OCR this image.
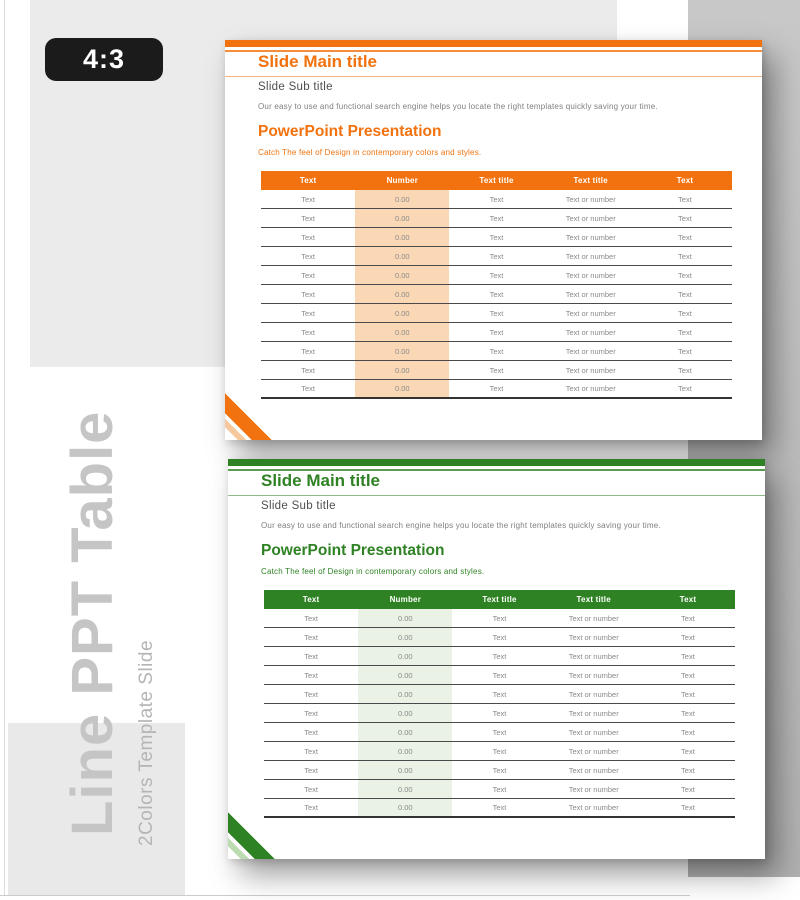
4:3
Line PPT Table 2Colors Template Slide
Slide Main title
Slide Sub title
Our easy to use and functional search engine helps you locate the right templates quickly saving your time.
PowerPoint Presentation
Catch The feel of Design in contemporary colors and styles.
Text	Number	Text title	Text title	Text
Text	0.00	Text	Text or number	Text
Text	0.00	Text	Text or number	Text
Text	0.00	Text	Text or number	Text
Text	0.00	Text	Text or number	Text
Text	0.00	Text	Text or number	Text
Text	0.00	Text	Text or number	Text
Text	0.00	Text	Text or number	Text
Text	0.00	Text	Text or number	Text
Text	0.00	Text	Text or number	Text
Text	0.00	Text	Text or number	Text
Text	0.00	Text	Text or number	Text
Slide Main title
Slide Sub title
Our easy to use and functional search engine helps you locate the right templates quickly saving your time.
PowerPoint Presentation
Catch The feel of Design in contemporary colors and styles.
Text	Number	Text title	Text title	Text
Text	0.00	Text	Text or number	Text
Text	0.00	Text	Text or number	Text
Text	0.00	Text	Text or number	Text
Text	0.00	Text	Text or number	Text
Text	0.00	Text	Text or number	Text
Text	0.00	Text	Text or number	Text
Text	0.00	Text	Text or number	Text
Text	0.00	Text	Text or number	Text
Text	0.00	Text	Text or number	Text
Text	0.00	Text	Text or number	Text
Text	0.00	Text	Text or number	Text
